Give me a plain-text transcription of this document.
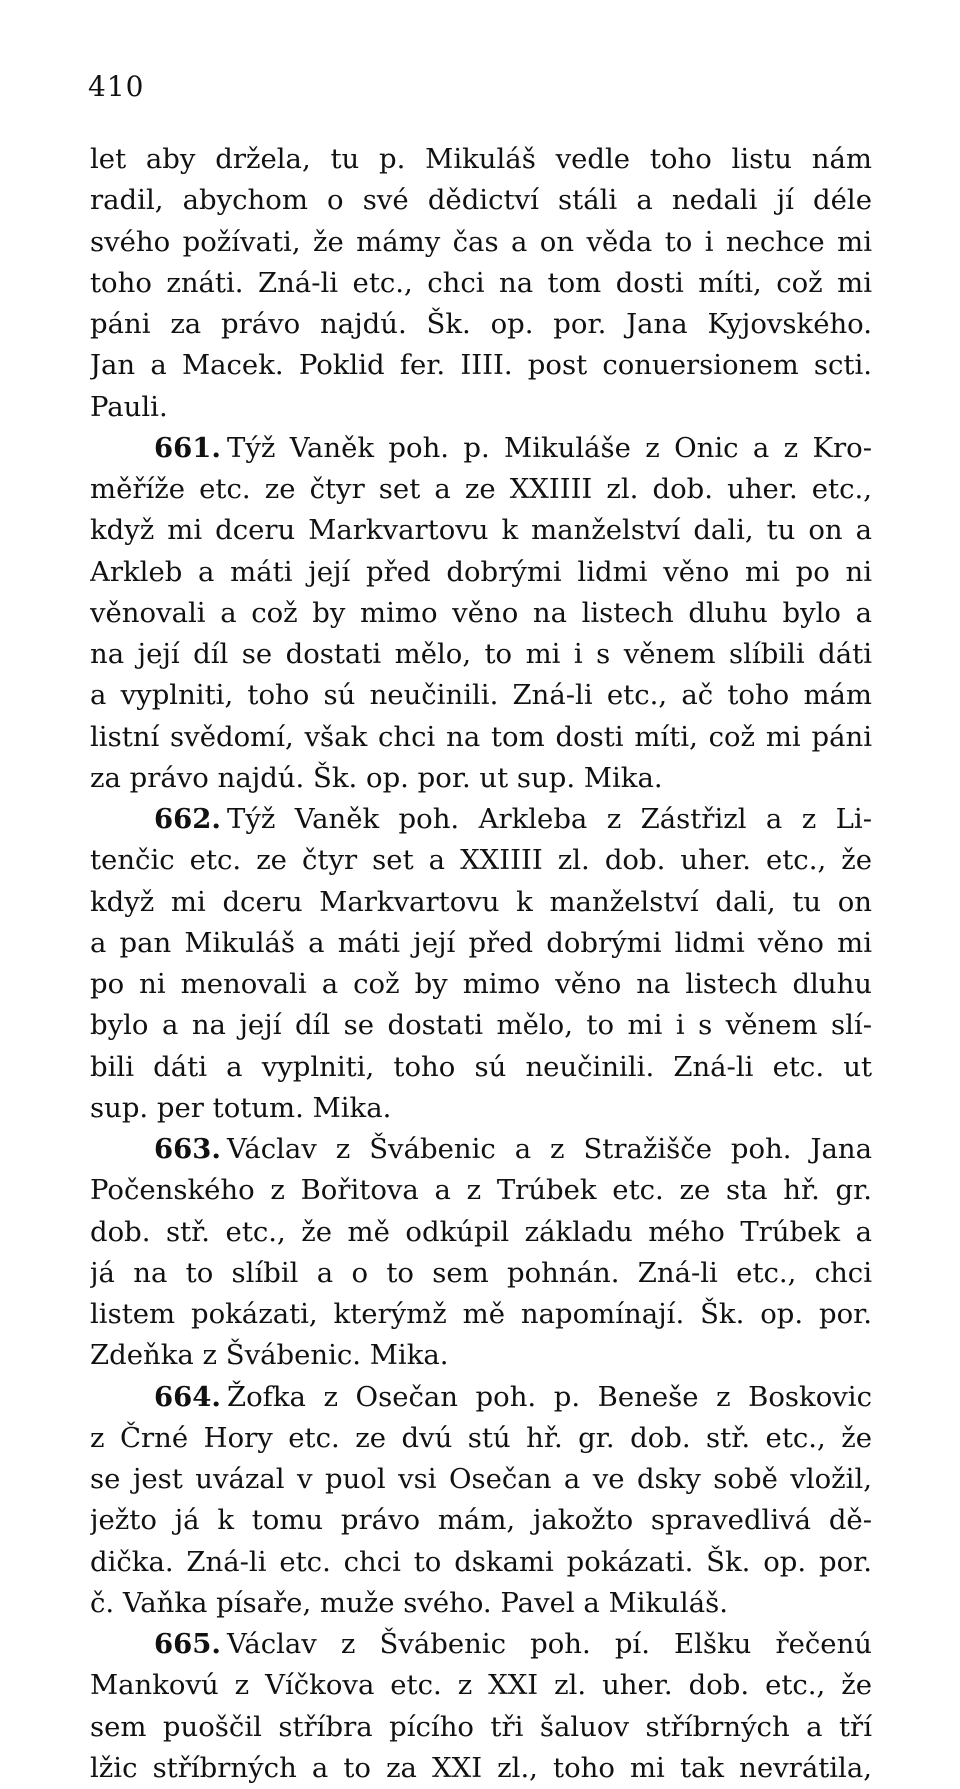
410
let aby držela, tu p. Mikuláš vedle toho listu nám
radil, abychom o své dědictví stáli a nedali jí déle
svého požívati, že mámy čas a on věda to i nechce mi
toho znáti. Zná-li etc., chci na tom dosti míti, což mi
páni za právo najdú. Šk. op. por. Jana Kyjovského.
Jan a Macek. Poklid fer. IIII. post conuersionem scti.
Pauli.
661. Týž Vaněk poh. p. Mikuláše z Onic a z Kro-
měříže etc. ze čtyr set a ze XXIIII zl. dob. uher. etc.,
když mi dceru Markvartovu k manželství dali, tu on a
Arkleb a máti její před dobrými lidmi věno mi po ni
věnovali a což by mimo věno na listech dluhu bylo a
na její díl se dostati mělo, to mi i s věnem slíbili dáti
a vyplniti, toho sú neučinili. Zná-li etc., ač toho mám
listní svědomí, však chci na tom dosti míti, což mi páni
za právo najdú. Šk. op. por. ut sup. Mika.
662. Týž Vaněk poh. Arkleba z Zástřizl a z Li-
tenčic etc. ze čtyr set a XXIIII zl. dob. uher. etc., že
když mi dceru Markvartovu k manželství dali, tu on
a pan Mikuláš a máti její před dobrými lidmi věno mi
po ni menovali a což by mimo věno na listech dluhu
bylo a na její díl se dostati mělo, to mi i s věnem slí-
bili dáti a vyplniti, toho sú neučinili. Zná-li etc. ut
sup. per totum. Mika.
663. Václav z Švábenic a z Stražišče poh. Jana
Počenského z Bořitova a z Trúbek etc. ze sta hř. gr.
dob. stř. etc., že mě odkúpil základu mého Trúbek a
já na to slíbil a o to sem pohnán. Zná-li etc., chci
listem pokázati, kterýmž mě napomínají. Šk. op. por.
Zdeňka z Švábenic. Mika.
664. Žofka z Osečan poh. p. Beneše z Boskovic
z Črné Hory etc. ze dvú stú hř. gr. dob. stř. etc., že
se jest uvázal v puol vsi Osečan a ve dsky sobě vložil,
ježto já k tomu právo mám, jakožto spravedlivá dě-
dička. Zná-li etc. chci to dskami pokázati. Šk. op. por.
č. Vaňka písaře, muže svého. Pavel a Mikuláš.
665. Václav z Švábenic poh. pí. Elšku řečenú
Mankovú z Víčkova etc. z XXI zl. uher. dob. etc., že
sem puoščil stříbra pícího tři šaluov stříbrných a tří
lžic stříbrných a to za XXI zl., toho mi tak nevrátila,
